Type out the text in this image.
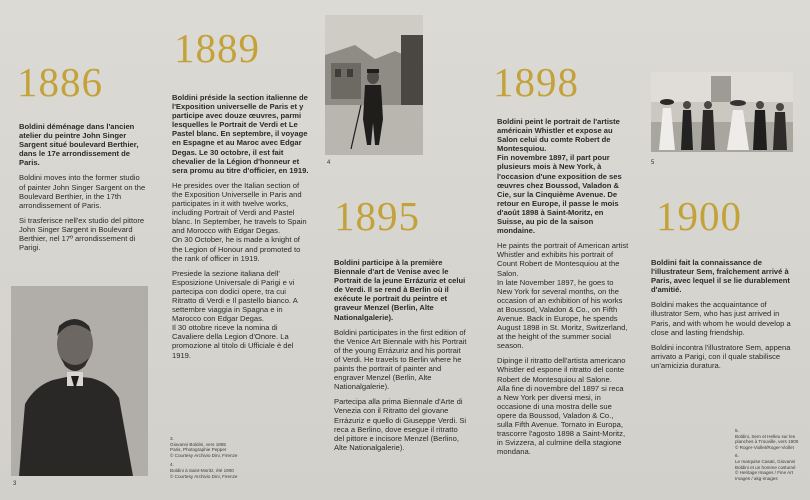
1886
1889
1895
1898
1900

Boldini déménage dans l'ancien atelier du peintre John Singer Sargent situé boulevard Berthier, dans le 17e arrondissement de Paris.

Boldini moves into the former studio of painter John Singer Sargent on the Boulevard Berthier, in the 17th arrondissement of Paris.

Si trasferisce nell'ex studio del pittore John Singer Sargent in Boulevard Berthier, nel 17º arrondissement di Parigi.

3
3.
Giovanni Boldini, vers 1885
Paris, Photographie Pepper
© Courtesy Archivio Dini, Firenze
4.
Boldini à Saint-Moritz, été 1900
© Courtesy Archivio Dini, Firenze

Boldini préside la section italienne de l'Exposition universelle de Paris et y participe avec douze œuvres, parmi lesquelles le Portrait de Verdi et Le Pastel blanc. En septembre, il voyage en Espagne et au Maroc avec Edgar Degas. Le 30 octobre, il est fait chevalier de la Légion d'honneur et sera promu au titre d'officier, en 1919.

He presides over the Italian section of the Exposition Universelle in Paris and participates in it with twelve works, including Portrait of Verdi and Pastel blanc. In September, he travels to Spain and Morocco with Edgar Degas.

On 30 October, he is made a knight of the Legion of Honour and promoted to the rank of officer in 1919.

Presiede la sezione italiana dell' Esposizione Universale di Parigi e vi partecipa con dodici opere, tra cui Ritratto di Verdi e Il pastello bianco. A settembre viaggia in Spagna e in Marocco con Edgar Degas.

Il 30 ottobre riceve la nomina di Cavaliere della Legion d'Onore. La promozione al titolo di Ufficiale è del 1919.

4

Boldini participe à la première Biennale d'art de Venise avec le Portrait de la jeune Errázuriz et celui de Verdi. Il se rend à Berlin où il exécute le portrait du peintre et graveur Menzel (Berlin, Alte Nationalgalerie).

Boldini participates in the first edition of the Venice Art Biennale with his Portrait of the young Errázuriz and his portrait of Verdi. He travels to Berlin where he paints the portrait of painter and engraver Menzel (Berlin, Alte Nationalgalerie).

Partecipa alla prima Biennale d'Arte di Venezia con il Ritratto del giovane Errázuriz e quello di Giuseppe Verdi. Si reca a Berlino, dove esegue il ritratto del pittore e incisore Menzel (Berlino, Alte Nationalgalerie).

Boldini peint le portrait de l'artiste américain Whistler et expose au Salon celui du comte Robert de Montesquiou.

Fin novembre 1897, il part pour plusieurs mois à New York, à l'occasion d'une exposition de ses œuvres chez Boussod, Valadon & Cie, sur la Cinquième Avenue. De retour en Europe, il passe le mois d'août 1898 à Saint-Moritz, en Suisse, au pic de la saison mondaine.

He paints the portrait of American artist Whistler and exhibits his portrait of Count Robert de Montesquiou at the Salon.

In late November 1897, he goes to New York for several months, on the occasion of an exhibition of his works at Boussod, Valadon & Co., on Fifth Avenue. Back in Europe, he spends August 1898 in St. Moritz, Switzerland, at the height of the summer social season.

Dipinge il ritratto dell'artista americano Whistler ed espone il ritratto del conte Robert de Montesquiou al Salone.

Alla fine di novembre del 1897 si reca a New York per diversi mesi, in occasione di una mostra delle sue opere da Boussod, Valadon & Co., sulla Fifth Avenue. Tornato in Europa, trascorre l'agosto 1898 a Saint-Moritz, in Svizzera, al culmine della stagione mondana.

5

Boldini fait la connaissance de l'illustrateur Sem, fraîchement arrivé à Paris, avec lequel il se lie durablement d'amitié.

Boldini makes the acquaintance of illustrator Sem, who has just arrived in Paris, and with whom he would develop a close and lasting friendship.

Boldini incontra l'illustratore Sem, appena arrivato a Parigi, con il quale stabilisce un'amicizia duratura.

5.
Boldini, Sem et Helleu sur les planches à Trouville, vers 1900
© Roger-Viollet/Roger-Viollet
6.
Le marquise Casati, Giovanni Boldini et un homme costumé
© Heritage Images / Fine Art Images / akg-images
